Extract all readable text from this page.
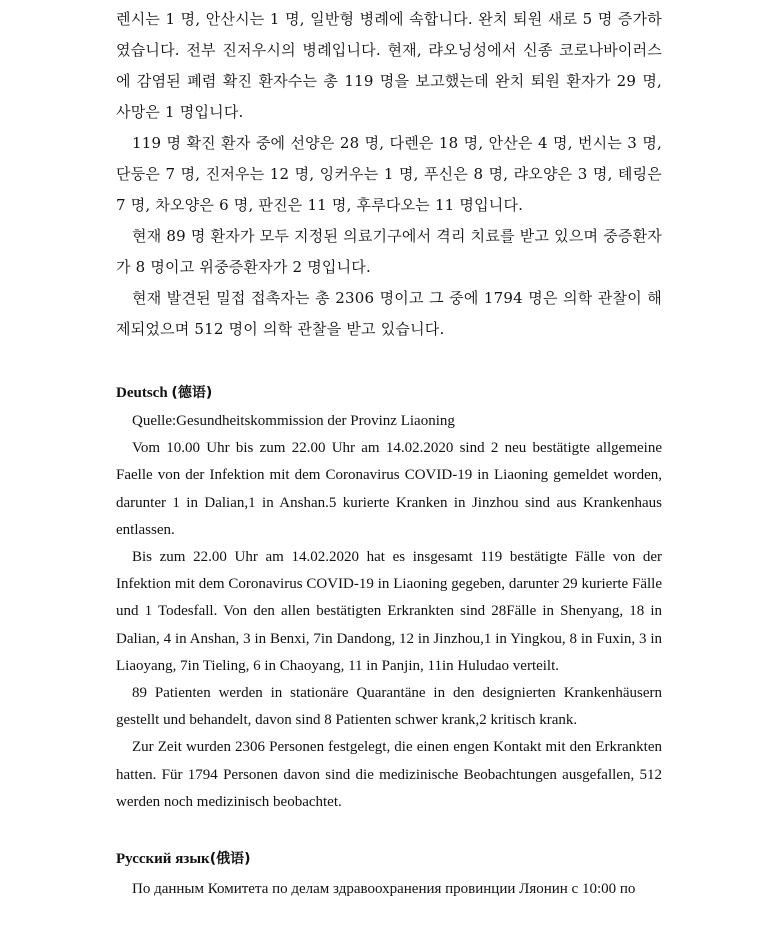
렌시는 1 명, 안산시는 1 명, 일반형 병례에 속합니다. 완치 퇴원 새로 5 명 증가하였습니다. 전부 진저우시의 병례입니다. 현재, 랴오닝성에서 신종 코로나바이러스에 감염된 폐렴 확진 환자수는 총 119 명을 보고했는데 완치 퇴원 환자가 29 명, 사망은 1 명입니다.

119 명 확진 환자 중에 선양은 28 명, 다렌은 18 명, 안산은 4 명, 번시는 3 명, 단둥은 7 명, 진저우는 12 명, 잉커우는 1 명, 푸신은 8 명, 랴오양은 3 명, 톄링은 7 명, 차오양은 6 명, 판진은 11 명, 후루다오는 11 명입니다.

현재 89 명 환자가 모두 지정된 의료기구에서 격리 치료를 받고 있으며 중증환자가 8 명이고 위중증환자가 2 명입니다.

현재 발견된 밀접 접촉자는 총 2306 명이고 그 중에 1794 명은 의학 관찰이 해제되었으며 512 명이 의학 관찰을 받고 있습니다.

Deutsch (德语)

Quelle:Gesundheitskommission der Provinz Liaoning

Vom 10.00 Uhr bis zum 22.00 Uhr am 14.02.2020 sind 2 neu bestätigte allgemeine Faelle von der Infektion mit dem Coronavirus COVID-19 in Liaoning gemeldet worden, darunter 1 in Dalian,1 in Anshan.5 kurierte Kranken in Jinzhou sind aus Krankenhaus entlassen.

Bis zum 22.00 Uhr am 14.02.2020 hat es insgesamt 119 bestätigte Fälle von der Infektion mit dem Coronavirus COVID-19 in Liaoning gegeben, darunter 29 kurierte Fälle und 1 Todesfall. Von den allen bestätigten Erkrankten sind 28Fälle in Shenyang, 18 in Dalian, 4 in Anshan, 3 in Benxi, 7in Dandong, 12 in Jinzhou,1 in Yingkou, 8 in Fuxin, 3 in Liaoyang, 7in Tieling, 6 in Chaoyang, 11 in Panjin, 11in Huludao verteilt.

89 Patienten werden in stationäre Quarantäne in den designierten Krankenhäusern gestellt und behandelt, davon sind 8 Patienten schwer krank,2 kritisch krank.

Zur Zeit wurden 2306 Personen festgelegt, die einen engen Kontakt mit den Erkrankten hatten. Für 1794 Personen davon sind die medizinische Beobachtungen ausgefallen, 512 werden noch medizinisch beobachtet.

Русский язык(俄语)

По данным Комитета по делам здравоохранения провинции Ляонин с 10:00 по
